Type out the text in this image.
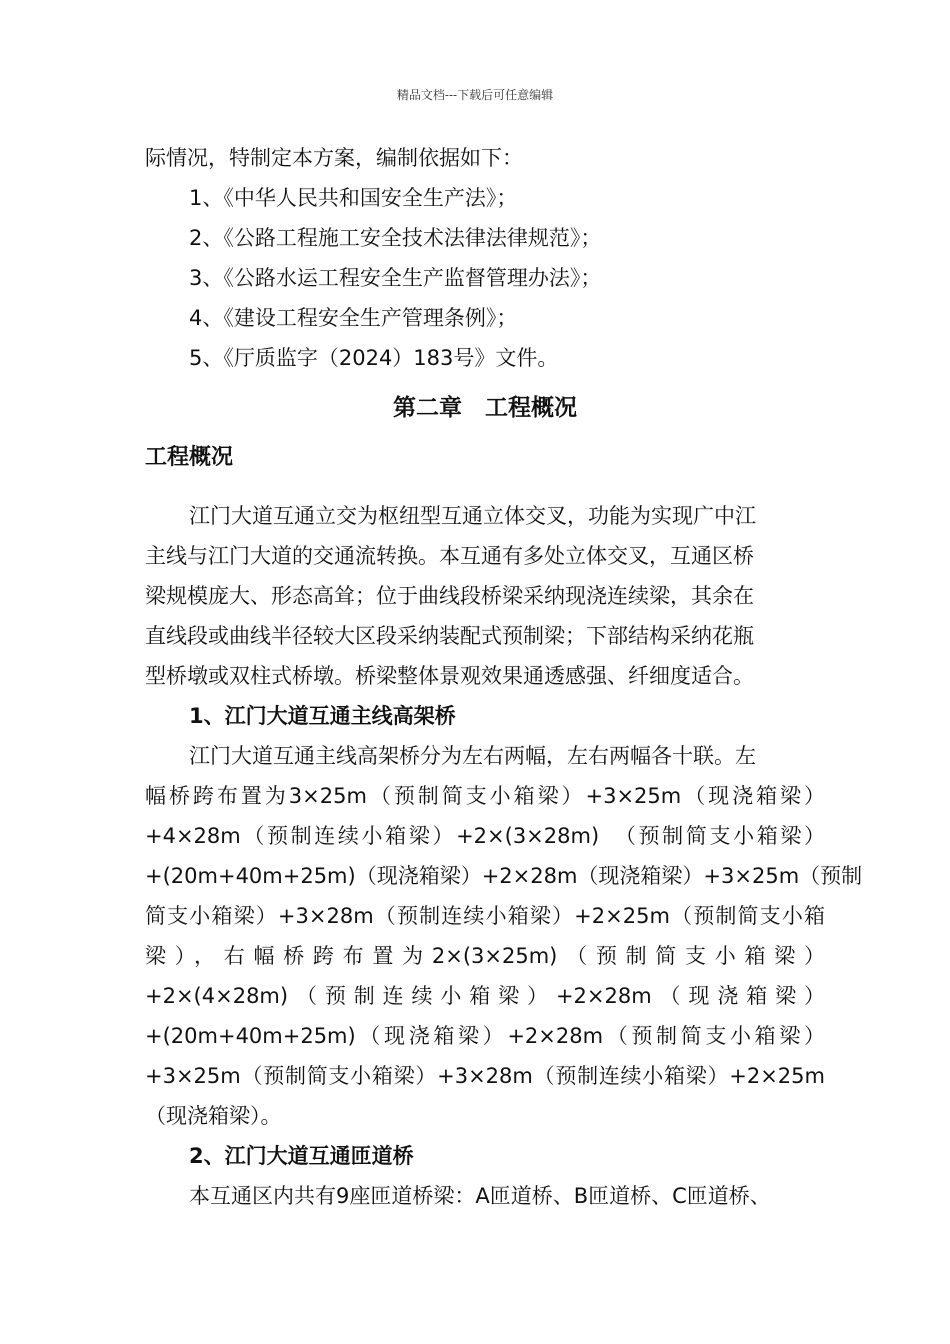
精品文档---下载后可任意编辑
际情况，特制定本方案，编制依据如下：
1、《中华人民共和国安全生产法》；
2、《公路工程施工安全技术法律法律规范》；
3、《公路水运工程安全生产监督管理办法》；
4、《建设工程安全生产管理条例》；
5、《厅质监字（2024）183号》文件。
第二章　工程概况
工程概况
江门大道互通立交为枢纽型互通立体交叉，功能为实现广中江
主线与江门大道的交通流转换。本互通有多处立体交叉，互通区桥
梁规模庞大、形态高耸；位于曲线段桥梁采纳现浇连续梁，其余在
直线段或曲线半径较大区段采纳装配式预制梁；下部结构采纳花瓶
型桥墩或双柱式桥墩。桥梁整体景观效果通透感强、纤细度适合。
1、江门大道互通主线高架桥
江门大道互通主线高架桥分为左右两幅，左右两幅各十联。左
幅桥跨布置为3×25m（预制简支小箱梁）+3×25m（现浇箱梁）
+4×28m（预制连续小箱梁）+2×(3×28m)　（预制简支小箱梁）
+(20m+40m+25m)（现浇箱梁）+2×28m（现浇箱梁）+3×25m（预制
简支小箱梁）+3×28m（预制连续小箱梁）+2×25m（预制简支小箱
梁），右幅桥跨布置为2×(3×25m)（预制简支小箱梁）
+2×(4×28m)（预制连续小箱梁）+2×28m（现浇箱梁）
+(20m+40m+25m)（现浇箱梁）+2×28m（预制简支小箱梁）
+3×25m（预制简支小箱梁）+3×28m（预制连续小箱梁）+2×25m
（现浇箱梁）。
2、江门大道互通匝道桥
本互通区内共有9座匝道桥梁：A匝道桥、B匝道桥、C匝道桥、
